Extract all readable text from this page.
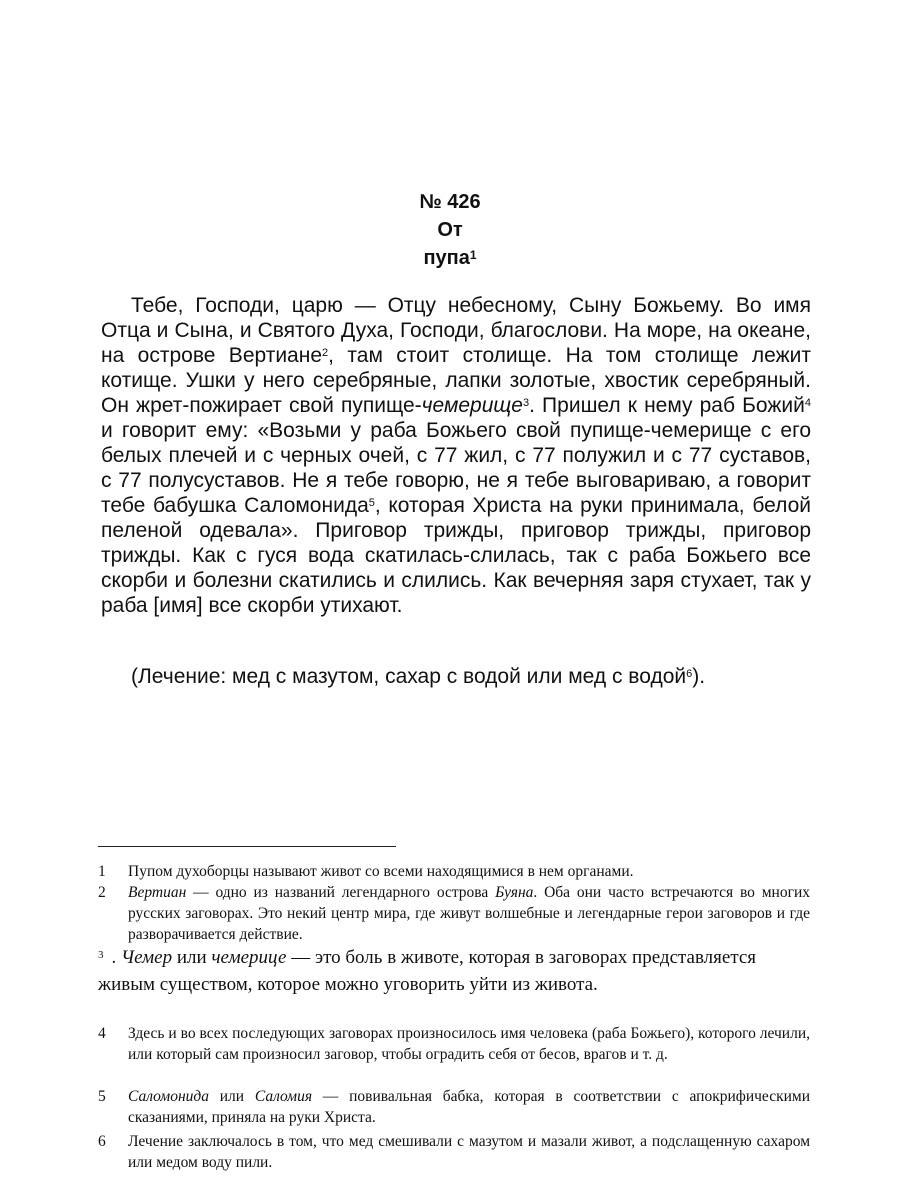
№ 426
От
пупа$^1$

Тебе, Господи, царю — Отцу небесному, Сыну Божьему. Во имя Отца и Сына, и Святого Духа, Господи, благослови. На море, на океане, на острове Вертиане$^2$, там стоит столище. На том столище лежит котище. Ушки у него серебряные, лапки золотые, хвостик серебряный. Он жрет-пожирает свой пупище-чемерище$^3$. Пришел к нему раб Божий$^4$ и говорит ему: «Возьми у раба Божьего свой пупище-чемерище с его белых плечей и с черных очей, с 77 жил, с 77 полужил и с 77 суставов, с 77 полусуставов. Не я тебе говорю, не я тебе выговариваю, а говорит тебе бабушка Саломонида$^5$, которая Христа на руки принимала, белой пеленой одевала». Приговор трижды, приговор трижды, приговор трижды. Как с гуся вода скатилась-слилась, так с раба Божьего все скорби и болезни скатились и слились. Как вечерняя заря стухает, так у раба [имя] все скорби утихают.

(Лечение: мед с мазутом, сахар с водой или мед с водой$^6$).

1	Пупом духоборцы называют живот со всеми находящимися в нем органами.
2	Вертиан — одно из названий легендарного острова Буяна. Оба они часто встречаются во многих русских заговорах. Это некий центр мира, где живут волшебные и легендарные герои заговоров и где разворачивается действие.
$^3$ . Чемер или чемерице — это боль в животе, которая в заговорах представляется живым существом, которое можно уговорить уйти из живота.
4	Здесь и во всех последующих заговорах произносилось имя человека (раба Божьего), которого лечили, или который сам произносил заговор, чтобы оградить себя от бесов, врагов и т. д.
5	Саломонида или Саломия — повивальная бабка, которая в соответствии с апокрифическими сказаниями, приняла на руки Христа.
6	Лечение заключалось в том, что мед смешивали с мазутом и мазали живот, а подслащенную сахаром или медом воду пили.
